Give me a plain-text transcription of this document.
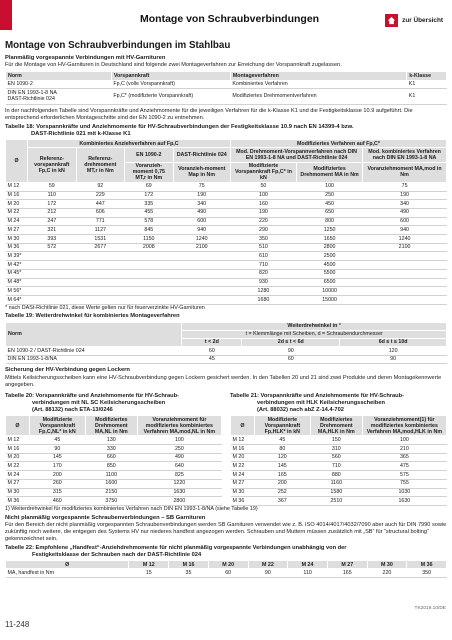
Montage von Schraubverbindungen	zur Übersicht
Montage von Schraubverbindungen im Stahlbau
Planmäßig vorgespannte Verbindungen mit HV-Garnituren
Für die Montage von HV-Garnituren in Deutschland sind folgende zwei Montageverfahren zur Erreichung der Vorspannkraft zugelassen.
Norm	Vorspannkraft	Montageverfahren	k-Klasse
EN 1090-2	Fp,C (volle Vorspannkraft)	Kombiniertes Verfahren	K1
DIN EN 1993-1-8 NA
DAST-Richtlinie 024	Fp,C* (modifizierte Vorspannkraft)	Modifiziertes Drehmomentverfahren	K1
In der nachfolgenden Tabelle sind Vorspannkräfte und Anziehmomente für die jeweiligen Verfahren für die k-Klasse K1 und die Festigkeitsklasse 10.9 aufgeführt. Die entsprechend erforderlichen Montageschritte sind der EN 1090-2 zu entnehmen.
Tabelle 18: Vorspannkräfte und Anziehmomente für HV-Schraubverbindungen der Festigkeitsklasse 10.9 nach EN 14399-4 bzw.
DAST-Richtlinie 021 mit k-Klasse K1
Ø	Kombiniertes Anziehverfahren auf Fp,C				Modifiziertes Verfahren auf Fp,C*		
	Referenz-vorspannkraft Fp,C in kN	Referenz-drehmoment MT,r in Nm	EN 1090-2	DAST-Richtlinie 024	Mod. Drehmoment-Vorspannverfahren nach DIN EN 1993-1-8 NA und DAST-Richtlinie 024		Mod. kombiniertes Verfahren nach DIN EN 1993-1-8 NA
			Voranzieh-moment 0,75 MT,r in Nm	Voranzieh-moment Map in Nm	Modifizierte Vorspannkraft Fp,C* in kN	Modifiziertes Drehmoment MA in Nm	Voranziehmoment MA,mod in Nm
M 12	59	92	69	75	50	100	75
M 16	110	229	172	190	100	250	190
M 20	172	447	335	340	160	450	340
M 22	212	606	455	490	190	650	490
M 24	247	771	578	600	220	800	600
M 27	321	1127	845	940	290	1250	940
M 30	393	1531	1150	1240	350	1650	1240
M 36	572	2677	2008	2100	510	2800	2100
M 39*					610	2500	
M 42*					710	4500	
M 45*					820	5500	
M 48*					930	6500	
M 56*					1280	10000	
M 64*					1680	15000	
* nach DASt-Richtlinie 021, diese Werte gelten nur für feuerverzinkte HV-Garnituren
Tabelle 19: Weiterdrehwinkel für kombiniertes Montageverfahren
Norm	Weiterdrehwinkel in °		
	t = Klemmlänge mit Scheiben, d = Schraubendurchmesser		
	t < 2d	2d ≤ t < 6d	6d ≤ t ≤ 10d
EN 1090-2 / DAST-Richtlinie 024	60	90	120
DIN EN 1993-1-8/NA	45	60	90
Sicherung der HV-Verbindung gegen Lockern
Mittels Keilsicherungsscheiben kann eine HV-Schraubverbindung gegen Lockern gesichert werden. In den Tabellen 20 und 21 sind zwei Produkte und deren Montagekennwerte angegeben.
Tabelle 20: Vorspannkräfte und Anziehmomente für HV-Schraub-
verbindungen mit NL SC Keilsicherungsscheiben
(Art. 88132) nach ETA-13/0246
Ø	Modifizierte Vorspannkraft Fp,C,NL* in kN	Modifiziertes Drehmoment MA,NL in Nm	Voranziehmoment für modifiziertes kombiniertes Verfahren MA,mod,NL in Nm
M 12	45	130	100
M 16	90	330	250
M 20	145	660	490
M 22	170	850	640
M 24	200	1100	825
M 27	260	1600	1220
M 30	315	2150	1630
M 36	460	3750	2800
Tabelle 21: Vorspannkräfte und Anziehmomente für HV-Schraub-
verbindungen mit HLK Keilsicherungsscheiben
(Art. 88032) nach abZ Z-14.4-702
Ø	Modifizierte Vorspannkraft Fp,HLK* in kN	Modifiziertes Drehmoment MA,HLK in Nm	Voranziehmoment(1) für modifiziertes kombiniertes Verfahren MA,mod,HLK in Nm
M 12	45	150	100
M 16	80	310	210
M 20	120	560	365
M 22	145	710	475
M 24	165	880	575
M 27	200	1160	755
M 30	252	1580	1030
M 36	367	2510	1630
1) Weiterdrehwinkel für modifiziertes kombiniertes Verfahren nach DIN EN 1993-1-8/NA (siehe Tabelle 19)
Nicht planmäßig vorgespannte Schraubenverbindungen – SB Garnituren
Für den Bereich der nicht planmäßig vorgespannten Schraubenverbindungen werden SB Garnituren verwendet wie z. B. ISO 4014/4017/4032/7090 aber auch für DIN 7990 sowie zukünftig noch weitere, die entgegen des Systems HV nur niederes handfest angezogen werden. Schrauben und Muttern müssen zusätzlich mit „SB“ für “structural bolting” gekennzeichnet sein.
Tabelle 22: Empfohlene „Handfest“-Anziehdrehmomente für nicht planmäßig vorgespannte Verbindungen unabhängig von der
Festigkeitsklasse der Schrauben nach der DAST-Richtlinie 024
Ø	M 12	M 16	M 20	M 22	M 24	M 27	M 30	M 36
MA, handfest in Nm	15	35	60	90	110	165	220	350
TK2019.10/DE
11-248
